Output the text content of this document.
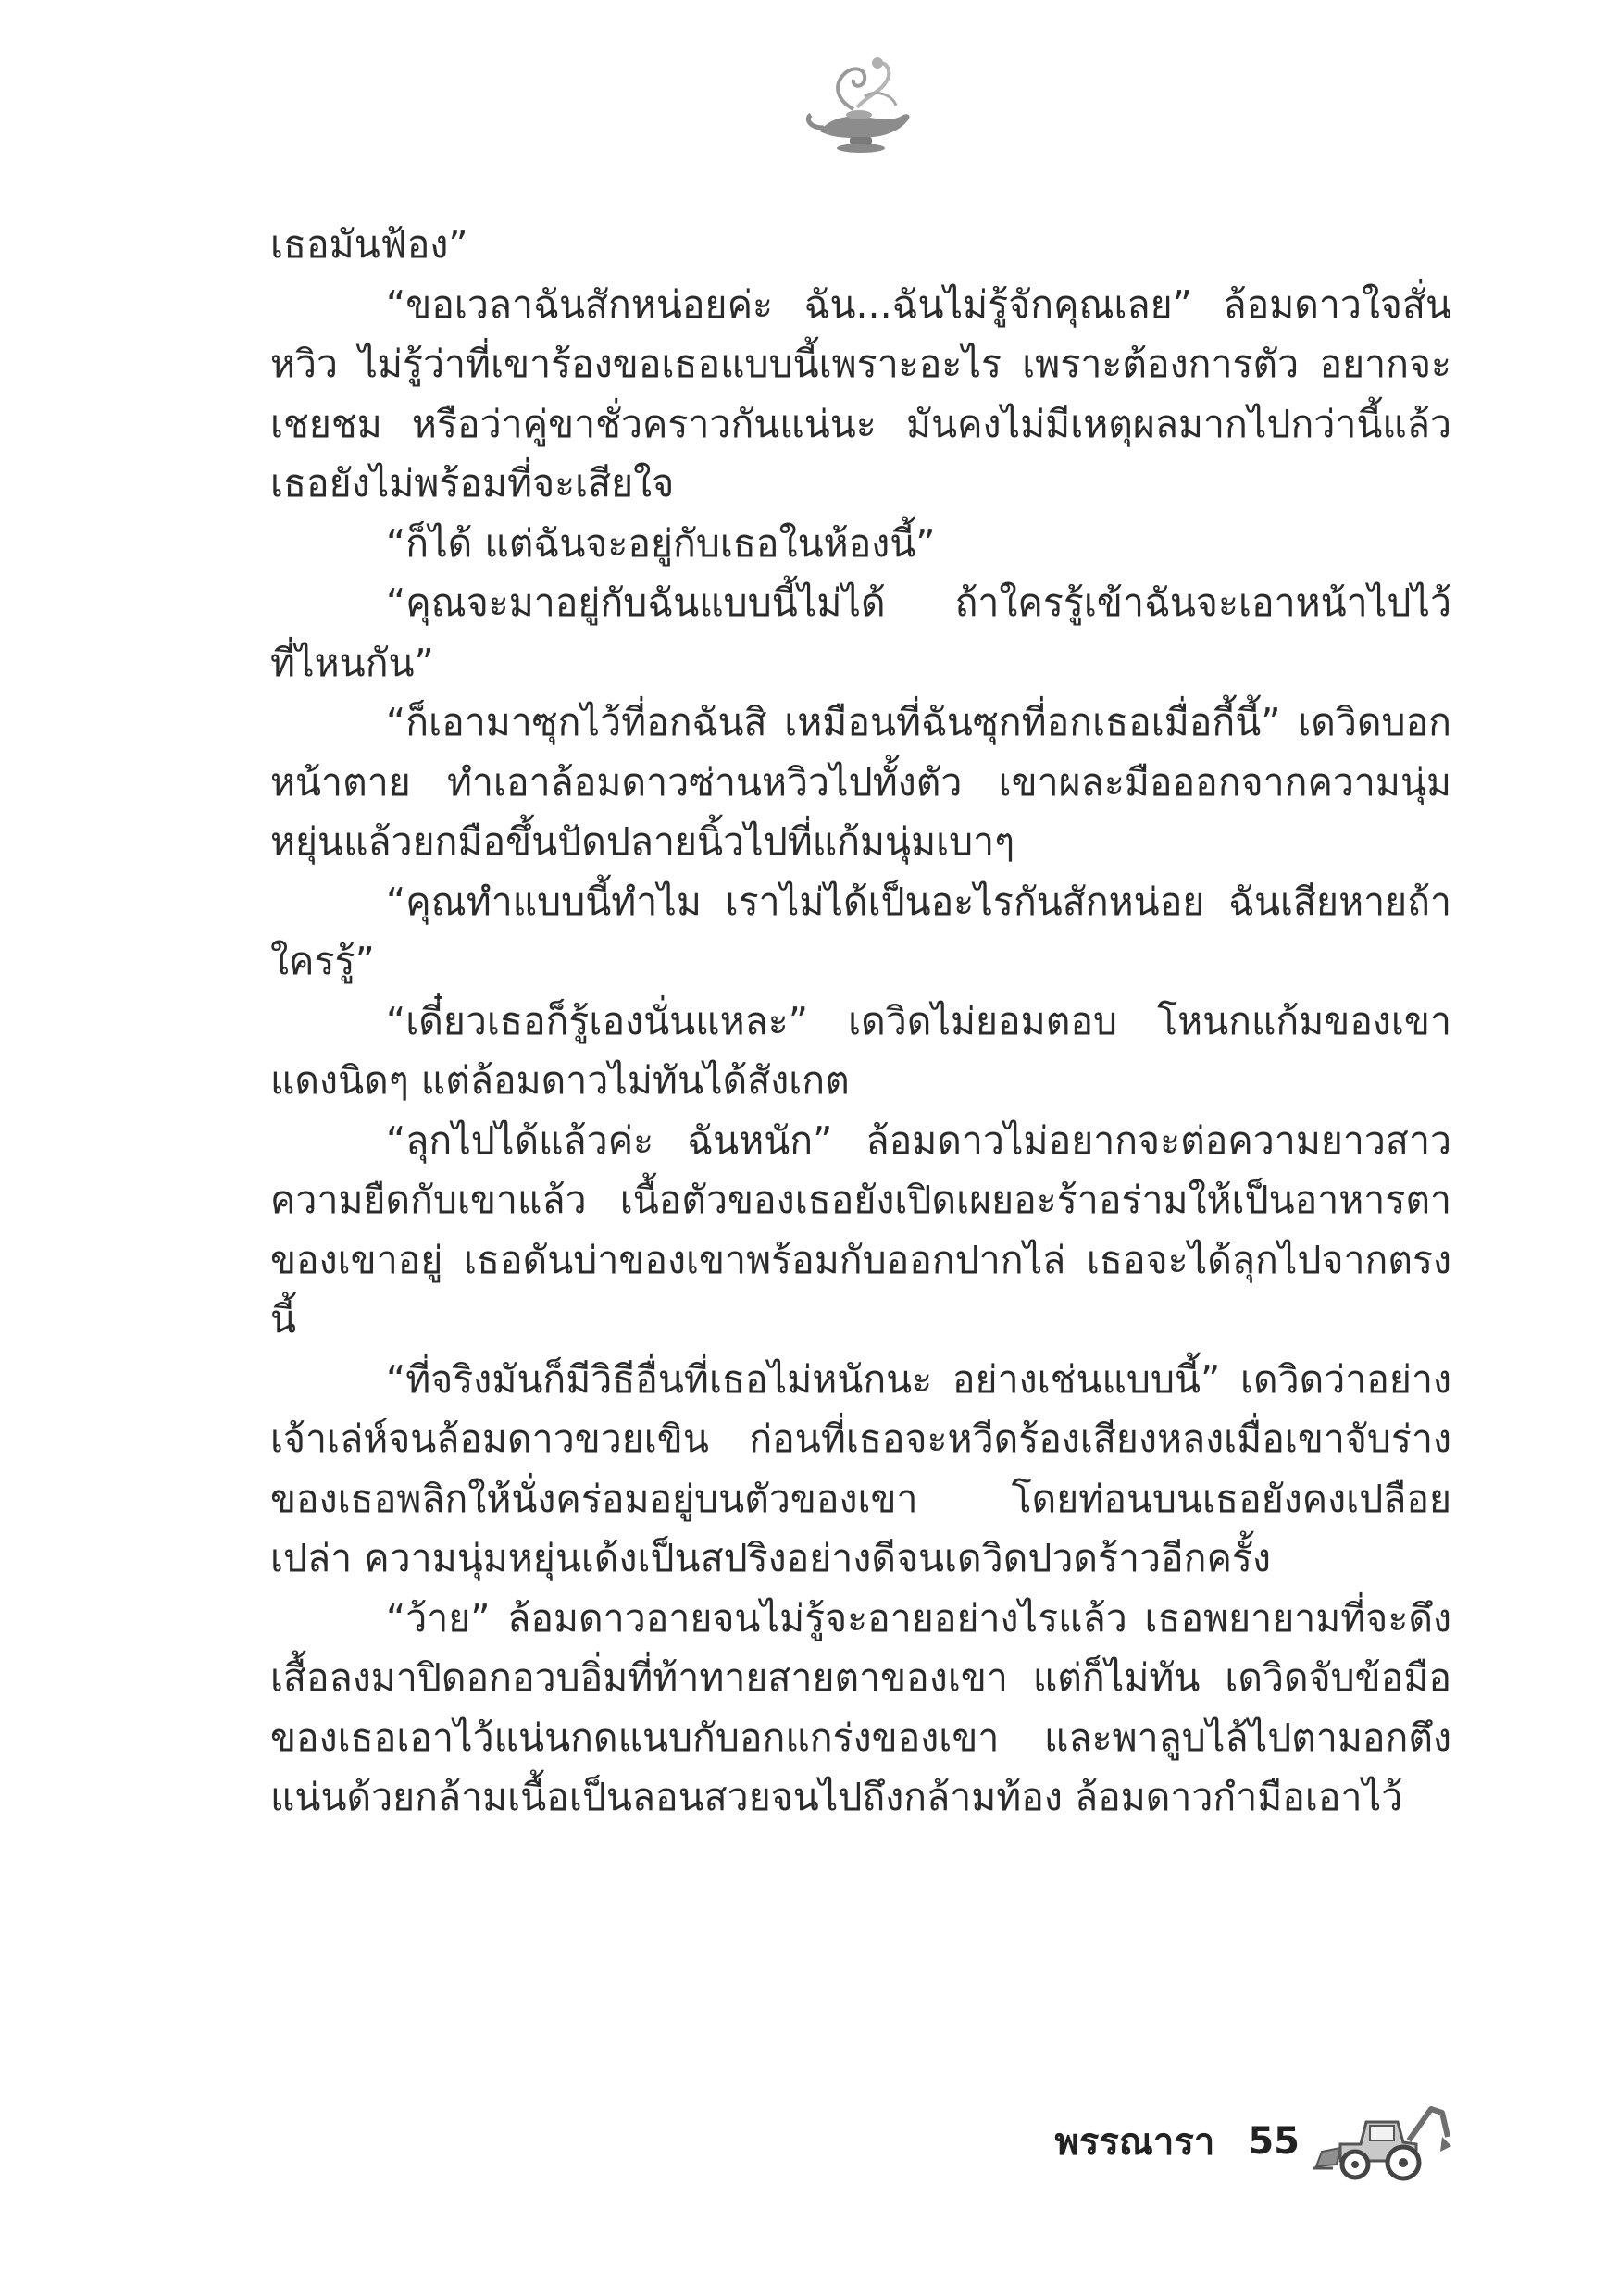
เธอมันฟ้อง”

“ขอเวลาฉันสักหน่อยค่ะ ฉัน...ฉันไม่รู้จักคุณเลย” ล้อมดาวใจสั่นหวิว ไม่รู้ว่าที่เขาร้องขอเธอแบบนี้เพราะอะไร เพราะต้องการตัว อยากจะเชยชม หรือว่าคู่ขาชั่วคราวกันแน่นะ มันคงไม่มีเหตุผลมากไปกว่านี้แล้ว เธอยังไม่พร้อมที่จะเสียใจ

“ก็ได้ แต่ฉันจะอยู่กับเธอในห้องนี้”

“คุณจะมาอยู่กับฉันแบบนี้ไม่ได้ ถ้าใครรู้เข้าฉันจะเอาหน้าไปไว้ที่ไหนกัน”

“ก็เอามาซุกไว้ที่อกฉันสิ เหมือนที่ฉันซุกที่อกเธอเมื่อกี้นี้” เดวิดบอกหน้าตาย ทำเอาล้อมดาวซ่านหวิวไปทั้งตัว เขาผละมือออกจากความนุ่มหยุ่นแล้วยกมือขึ้นปัดปลายนิ้วไปที่แก้มนุ่มเบาๆ

“คุณทำแบบนี้ทำไม เราไม่ได้เป็นอะไรกันสักหน่อย ฉันเสียหายถ้าใครรู้”

“เดี๋ยวเธอก็รู้เองนั่นแหละ” เดวิดไม่ยอมตอบ โหนกแก้มของเขาแดงนิดๆ แต่ล้อมดาวไม่ทันได้สังเกต

“ลุกไปได้แล้วค่ะ ฉันหนัก” ล้อมดาวไม่อยากจะต่อความยาวสาวความยืดกับเขาแล้ว เนื้อตัวของเธอยังเปิดเผยอะร้าอร่ามให้เป็นอาหารตาของเขาอยู่ เธอดันบ่าของเขาพร้อมกับออกปากไล่ เธอจะได้ลุกไปจากตรงนี้

“ที่จริงมันก็มีวิธีอื่นที่เธอไม่หนักนะ อย่างเช่นแบบนี้” เดวิดว่าอย่างเจ้าเล่ห์จนล้อมดาวขวยเขิน ก่อนที่เธอจะหวีดร้องเสียงหลงเมื่อเขาจับร่างของเธอพลิกให้นั่งคร่อมอยู่บนตัวของเขา โดยท่อนบนเธอยังคงเปลือยเปล่า ความนุ่มหยุ่นเด้งเป็นสปริงอย่างดีจนเดวิดปวดร้าวอีกครั้ง

“ว้าย” ล้อมดาวอายจนไม่รู้จะอายอย่างไรแล้ว เธอพยายามที่จะดึงเสื้อลงมาปิดอกอวบอิ่มที่ท้าทายสายตาของเขา แต่ก็ไม่ทัน เดวิดจับข้อมือของเธอเอาไว้แน่นกดแนบกับอกแกร่งของเขา และพาลูบไล้ไปตามอกตึงแน่นด้วยกล้ามเนื้อเป็นลอนสวยจนไปถึงกล้ามท้อง ล้อมดาวกำมือเอาไว้

พรรณารา 55
